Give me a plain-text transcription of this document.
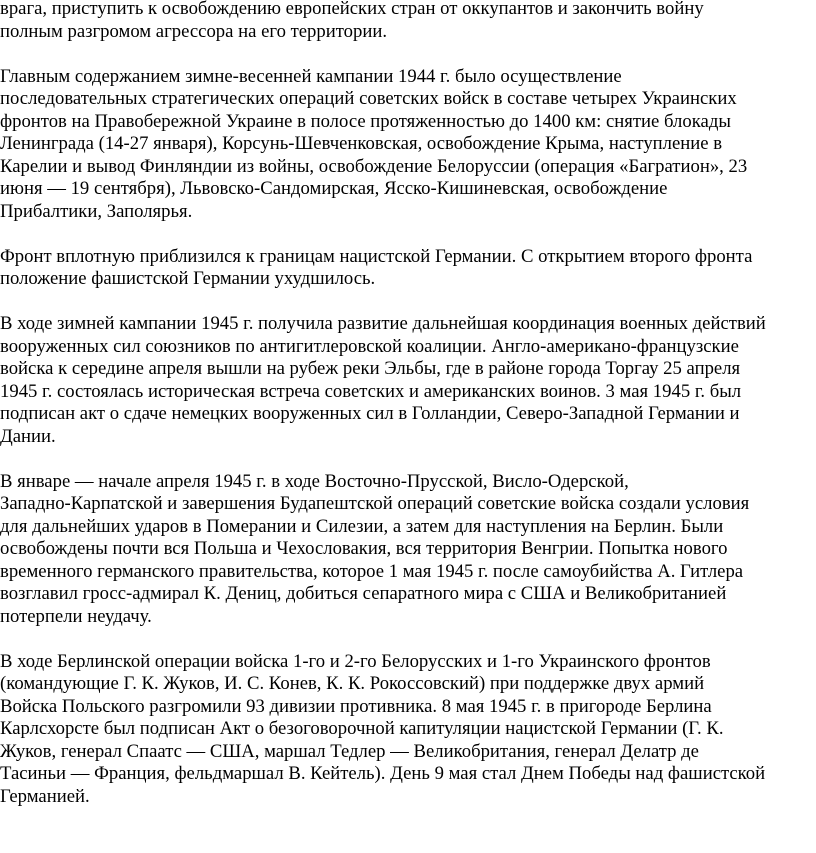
врага, приступить к освобождению европейских стран от оккупантов и закончить войну
полным разгромом агрессора на его территории.

Главным содержанием зимне-весенней кампании 1944 г. было осуществление
последовательных стратегических операций советских войск в составе четырех Украинских
фронтов на Правобережной Украине в полосе протяженностью до 1400 км: снятие блокады
Ленинграда (14-27 января), Корсунь-Шевченковская, освобождение Крыма, наступление в
Карелии и вывод Финляндии из войны, освобождение Белоруссии (операция «Багратион», 23
июня — 19 сентября), Львовско-Сандомирская, Ясско-Кишиневская, освобождение
Прибалтики, Заполярья.

Фронт вплотную приблизился к границам нацистской Германии. С открытием второго фронта
положение фашистской Германии ухудшилось.

В ходе зимней кампании 1945 г. получила развитие дальнейшая координация военных действий
вооруженных сил союзников по антигитлеровской коалиции. Англо-американо-французские
войска к середине апреля вышли на рубеж реки Эльбы, где в районе города Торгау 25 апреля
1945 г. состоялась историческая встреча советских и американских воинов. 3 мая 1945 г. был
подписан акт о сдаче немецких вооруженных сил в Голландии, Северо-Западной Германии и
Дании.

В январе — начале апреля 1945 г. в ходе Восточно-Прусской, Висло-Одерской,
Западно-Карпатской и завершения Будапештской операций советские войска создали условия
для дальнейших ударов в Померании и Силезии, а затем для наступления на Берлин. Были
освобождены почти вся Польша и Чехословакия, вся территория Венгрии. Попытка нового
временного германского правительства, которое 1 мая 1945 г. после самоубийства А. Гитлера
возглавил гросс-адмирал К. Дениц, добиться сепаратного мира с США и Великобританией
потерпели неудачу.

В ходе Берлинской операции войска 1-го и 2-го Белорусских и 1-го Украинского фронтов
(командующие Г. К. Жуков, И. С. Конев, К. К. Рокоссовский) при поддержке двух армий
Войска Польского разгромили 93 дивизии противника. 8 мая 1945 г. в пригороде Берлина
Карлсхорсте был подписан Акт о безоговорочной капитуляции нацистской Германии (Г. К.
Жуков, генерал Спаатс — США, маршал Тедлер — Великобритания, генерал Делатр де
Тасиньи — Франция, фельдмаршал В. Кейтель). День 9 мая стал Днем Победы над фашистской
Германией.
